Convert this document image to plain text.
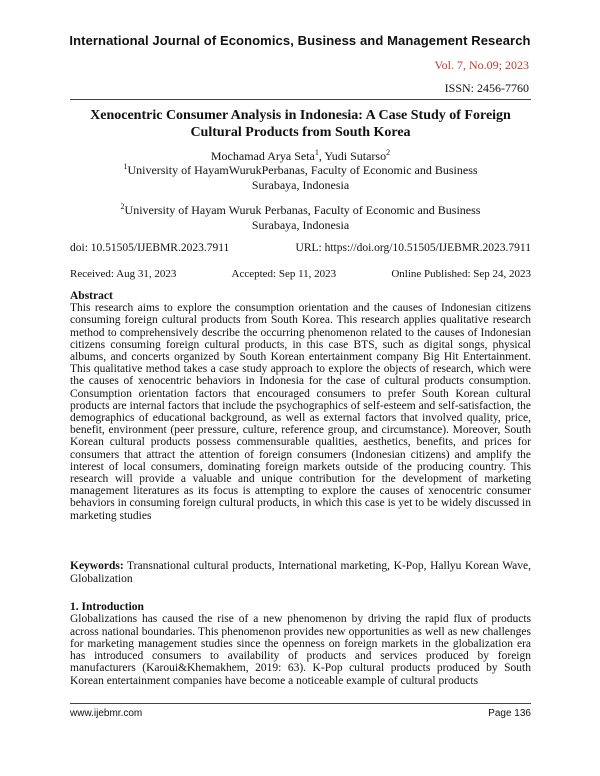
International Journal of Economics, Business and Management Research
Vol. 7, No.09; 2023
ISSN: 2456-7760
Xenocentric Consumer Analysis in Indonesia: A Case Study of Foreign Cultural Products from South Korea
Mochamad Arya Seta$^1$, Yudi Sutarso$^2$
$^1$University of HayamWurukPerbanas, Faculty of Economic and Business
Surabaya, Indonesia
$^2$University of Hayam Wuruk Perbanas, Faculty of Economic and Business
Surabaya, Indonesia
doi: 10.51505/IJEBMR.2023.7911	URL: https://doi.org/10.51505/IJEBMR.2023.7911
Received: Aug 31, 2023	Accepted: Sep 11, 2023	Online Published: Sep 24, 2023
Abstract

This research aims to explore the consumption orientation and the causes of Indonesian citizens consuming foreign cultural products from South Korea. This research applies qualitative research method to comprehensively describe the occurring phenomenon related to the causes of Indonesian citizens consuming foreign cultural products, in this case BTS, such as digital songs, physical albums, and concerts organized by South Korean entertainment company Big Hit Entertainment. This qualitative method takes a case study approach to explore the objects of research, which were the causes of xenocentric behaviors in Indonesia for the case of cultural products consumption. Consumption orientation factors that encouraged consumers to prefer South Korean cultural products are internal factors that include the psychographics of self-esteem and self-satisfaction, the demographics of educational background, as well as external factors that involved quality, price, benefit, environment (peer pressure, culture, reference group, and circumstance). Moreover, South Korean cultural products possess commensurable qualities, aesthetics, benefits, and prices for consumers that attract the attention of foreign consumers (Indonesian citizens) and amplify the interest of local consumers, dominating foreign markets outside of the producing country. This research will provide a valuable and unique contribution for the development of marketing management literatures as its focus is attempting to explore the causes of xenocentric consumer behaviors in consuming foreign cultural products, in which this case is yet to be widely discussed in marketing studies

Keywords: Transnational cultural products, International marketing, K-Pop, Hallyu Korean Wave, Globalization
1. Introduction

Globalizations has caused the rise of a new phenomenon by driving the rapid flux of products across national boundaries. This phenomenon provides new opportunities as well as new challenges for marketing management studies since the openness on foreign markets in the globalization era has introduced consumers to availability of products and services produced by foreign manufacturers (Karoui&Khemakhem, 2019: 63). K-Pop cultural products produced by South Korean entertainment companies have become a noticeable example of cultural products

www.ijebmr.com	Page 136
